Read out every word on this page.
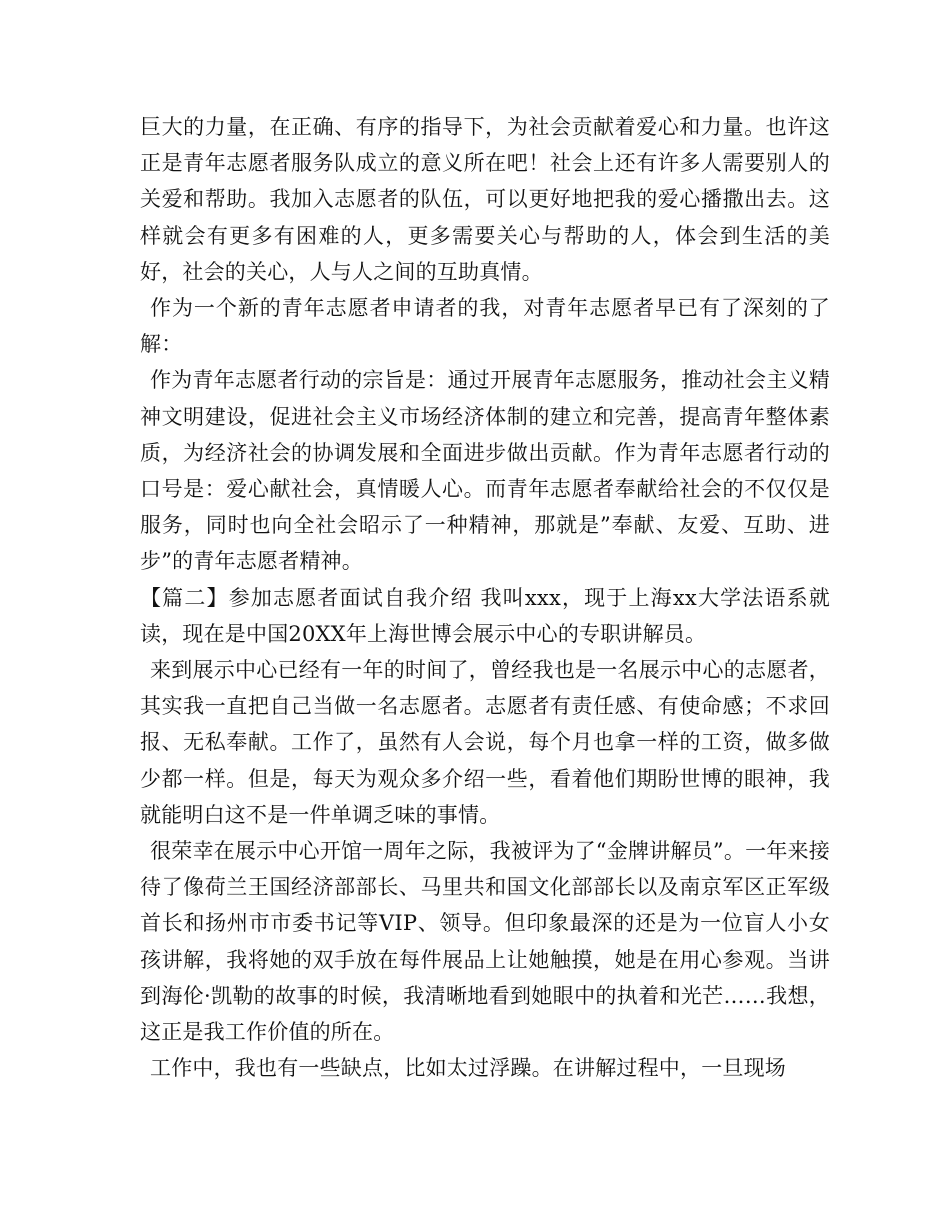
巨大的力量，在正确、有序的指导下，为社会贡献着爱心和力量。也许这正是青年志愿者服务队成立的意义所在吧！社会上还有许多人需要别人的关爱和帮助。我加入志愿者的队伍，可以更好地把我的爱心播撒出去。这样就会有更多有困难的人，更多需要关心与帮助的人，体会到生活的美好，社会的关心，人与人之间的互助真情。

作为一个新的青年志愿者申请者的我，对青年志愿者早已有了深刻的了解：

作为青年志愿者行动的宗旨是：通过开展青年志愿服务，推动社会主义精神文明建设，促进社会主义市场经济体制的建立和完善，提高青年整体素质，为经济社会的协调发展和全面进步做出贡献。作为青年志愿者行动的口号是：爱心献社会，真情暖人心。而青年志愿者奉献给社会的不仅仅是服务，同时也向全社会昭示了一种精神，那就是”奉献、友爱、互助、进步”的青年志愿者精神。

【篇二】参加志愿者面试自我介绍 我叫xxx，现于上海xx大学法语系就读，现在是中国20XX年上海世博会展示中心的专职讲解员。

来到展示中心已经有一年的时间了，曾经我也是一名展示中心的志愿者，其实我一直把自己当做一名志愿者。志愿者有责任感、有使命感；不求回报、无私奉献。工作了，虽然有人会说，每个月也拿一样的工资，做多做少都一样。但是，每天为观众多介绍一些，看着他们期盼世博的眼神，我就能明白这不是一件单调乏味的事情。

很荣幸在展示中心开馆一周年之际，我被评为了“金牌讲解员”。一年来接待了像荷兰王国经济部部长、马里共和国文化部部长以及南京军区正军级首长和扬州市市委书记等VIP、领导。但印象最深的还是为一位盲人小女孩讲解，我将她的双手放在每件展品上让她触摸，她是在用心参观。当讲到海伦·凯勒的故事的时候，我清晰地看到她眼中的执着和光芒……我想，这正是我工作价值的所在。

工作中，我也有一些缺点，比如太过浮躁。在讲解过程中，一旦现场
